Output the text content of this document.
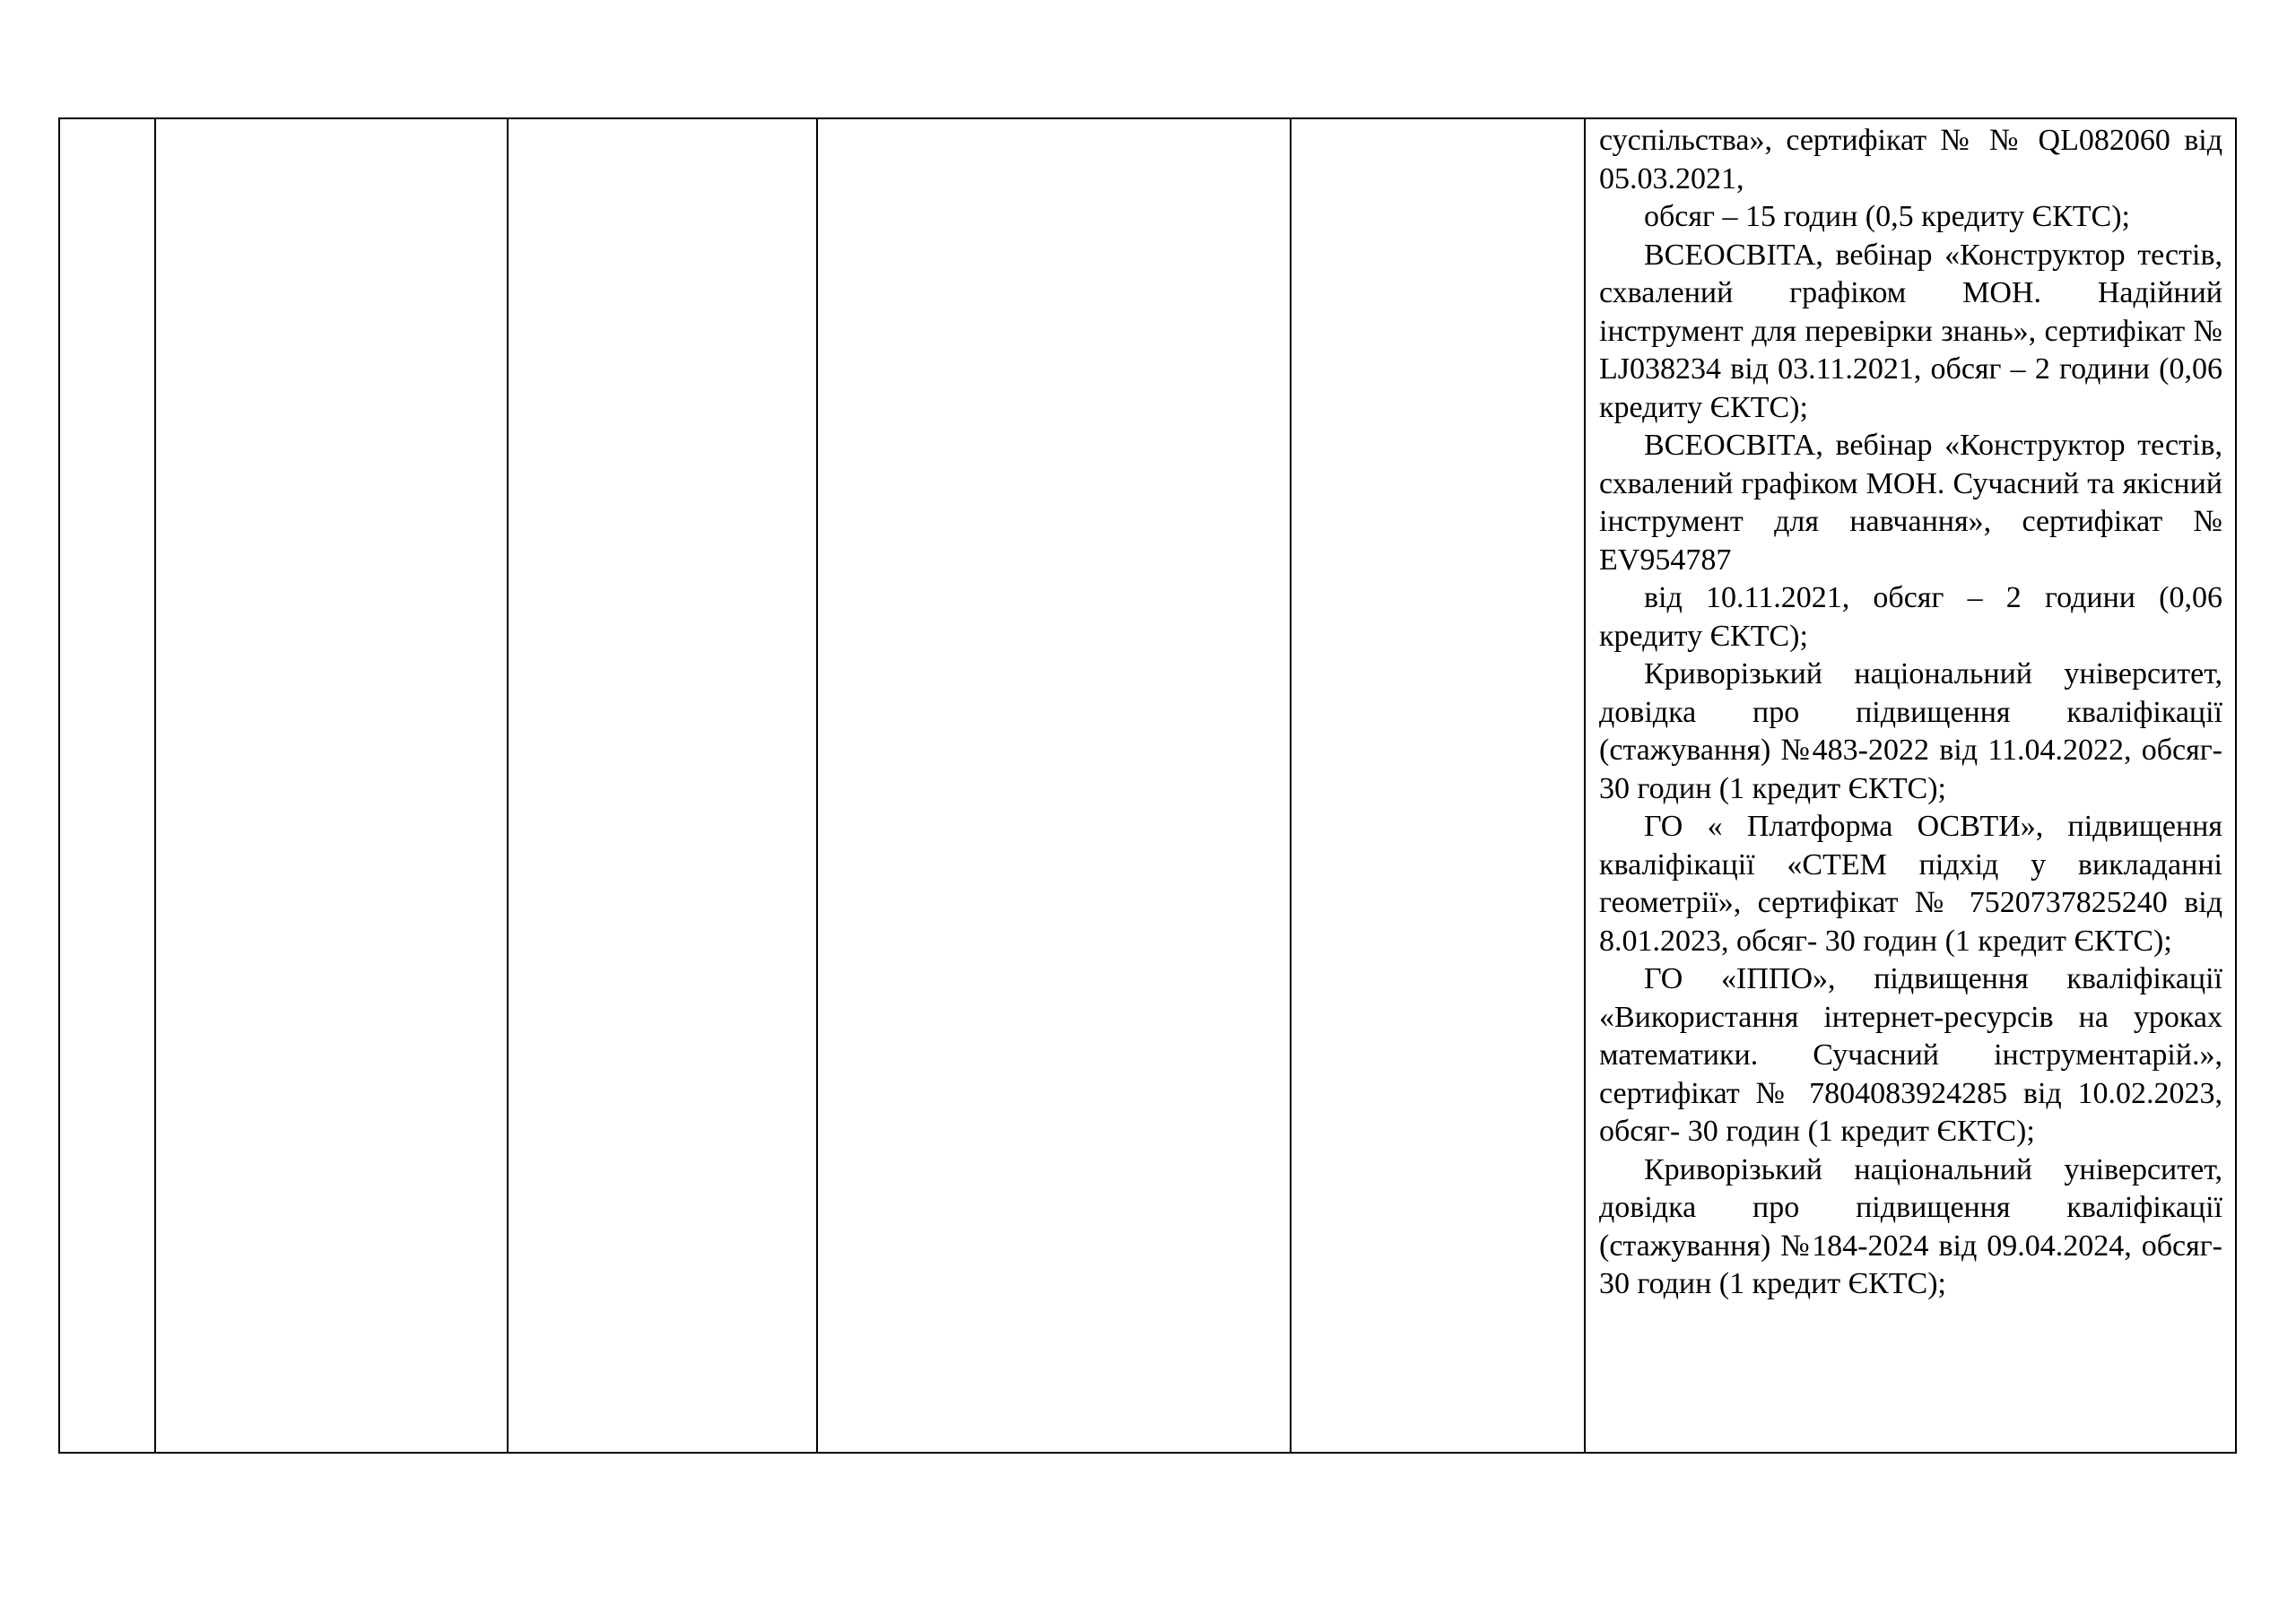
суспільства», сертифікат № № QL082060 від 05.03.2021,

обсяг – 15 годин (0,5 кредиту ЄКТС);

ВСЕОСВІТА, вебінар «Конструктор тестів, схвалений графіком МОН. Надійний інструмент для перевірки знань», сертифікат № LJ038234 від 03.11.2021, обсяг – 2 години (0,06 кредиту ЄКТС);

ВСЕОСВІТА, вебінар «Конструктор тестів, схвалений графіком МОН. Сучасний та якісний інструмент для навчання», сертифікат № EV954787

від 10.11.2021, обсяг – 2 години (0,06 кредиту ЄКТС);

Криворізький національний університет, довідка про підвищення кваліфікації (стажування) №483-2022 від 11.04.2022, обсяг- 30 годин (1 кредит ЄКТС);

ГО « Платформа ОСВТИ», підвищення кваліфікації «СТЕМ підхід у викладанні геометрії», сертифікат № 7520737825240 від 8.01.2023, обсяг- 30 годин (1 кредит ЄКТС);

ГО «ІППО», підвищення кваліфікації «Використання інтернет-ресурсів на уроках математики. Сучасний інструментарій.», сертифікат № 7804083924285 від 10.02.2023, обсяг- 30 годин (1 кредит ЄКТС);

Криворізький національний університет, довідка про підвищення кваліфікації (стажування) №184-2024 від 09.04.2024, обсяг- 30 годин (1 кредит ЄКТС);
